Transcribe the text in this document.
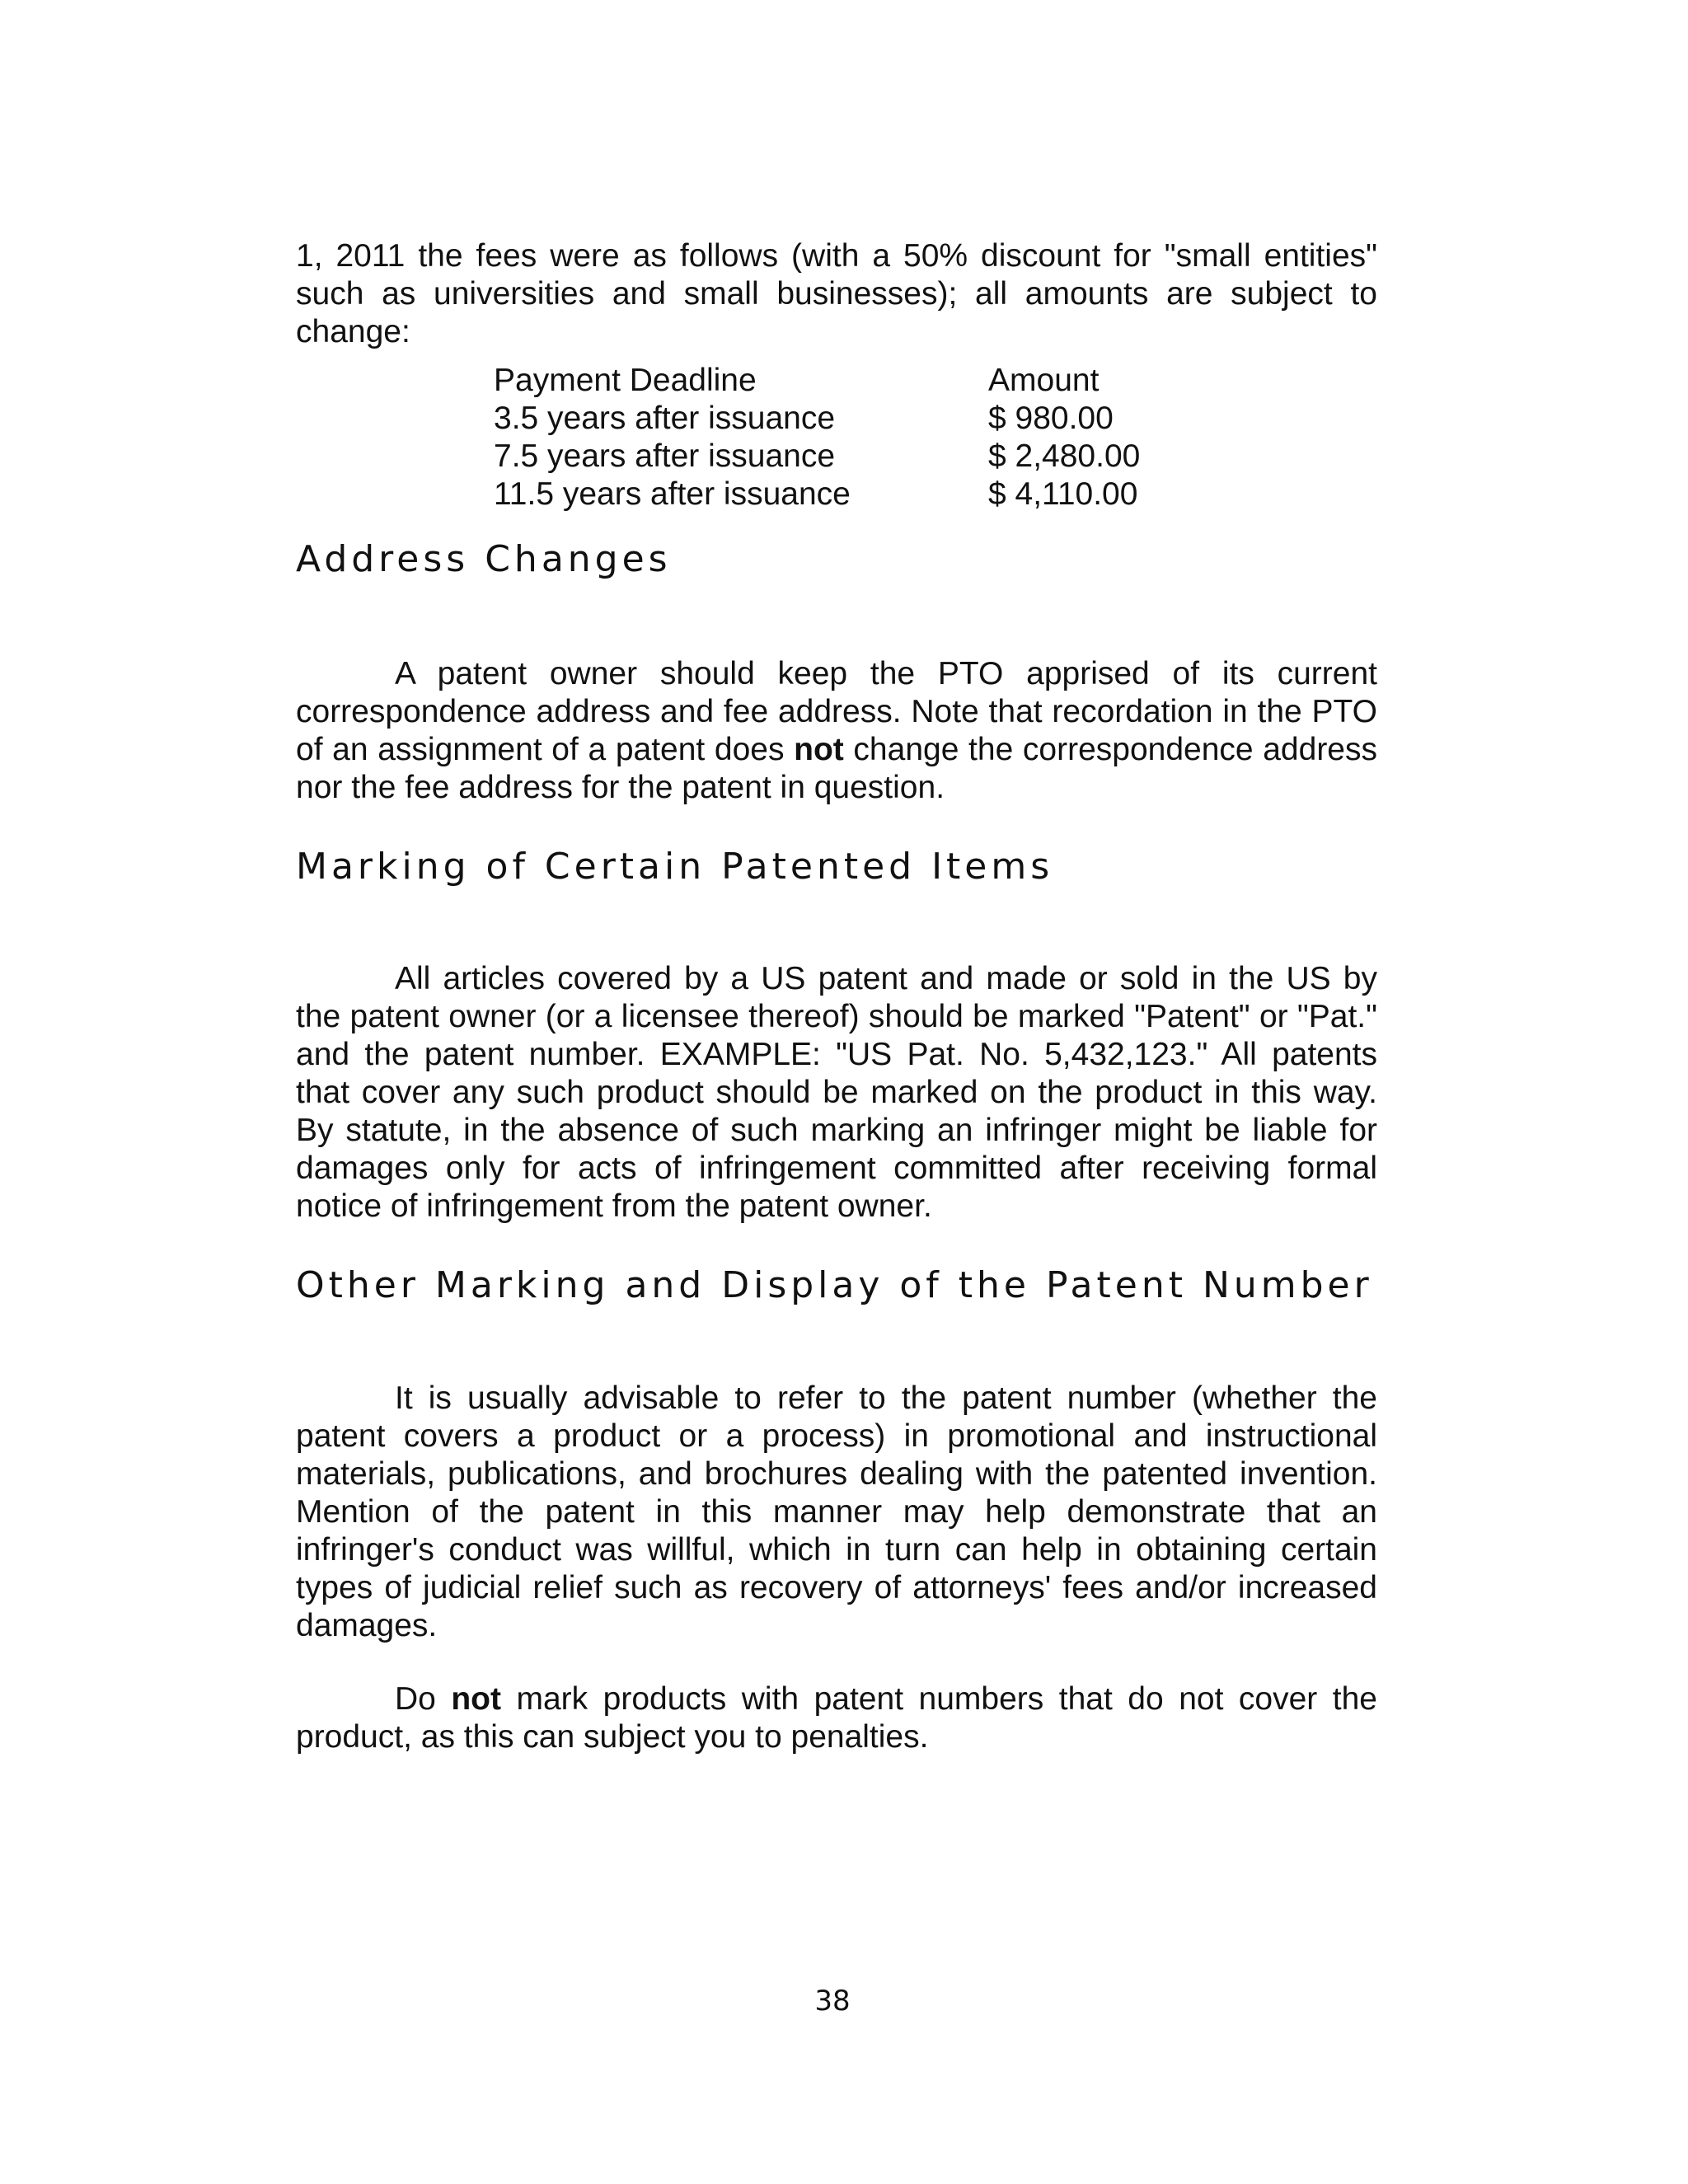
1, 2011 the fees were as follows (with a 50% discount for "small entities" such as universities and small businesses); all amounts are subject to change:

Payment Deadline	Amount
3.5 years after issuance	$ 980.00
7.5 years after issuance	$ 2,480.00
11.5 years after issuance	$ 4,110.00
Address Changes

A patent owner should keep the PTO apprised of its current correspondence address and fee address. Note that recordation in the PTO of an assignment of a patent does not change the correspondence address nor the fee address for the patent in question.

Marking of Certain Patented Items

All articles covered by a US patent and made or sold in the US by the patent owner (or a licensee thereof) should be marked "Patent" or "Pat." and the patent number. EXAMPLE: "US Pat. No. 5,432,123." All patents that cover any such product should be marked on the product in this way. By statute, in the absence of such marking an infringer might be liable for damages only for acts of infringement committed after receiving formal notice of infringement from the patent owner.

Other Marking and Display of the Patent Number

It is usually advisable to refer to the patent number (whether the patent covers a product or a process) in promotional and instructional materials, publications, and brochures dealing with the patented invention. Mention of the patent in this manner may help demonstrate that an infringer's conduct was willful, which in turn can help in obtaining certain types of judicial relief such as recovery of attorneys' fees and/or increased damages.

Do not mark products with patent numbers that do not cover the product, as this can subject you to penalties.

38
